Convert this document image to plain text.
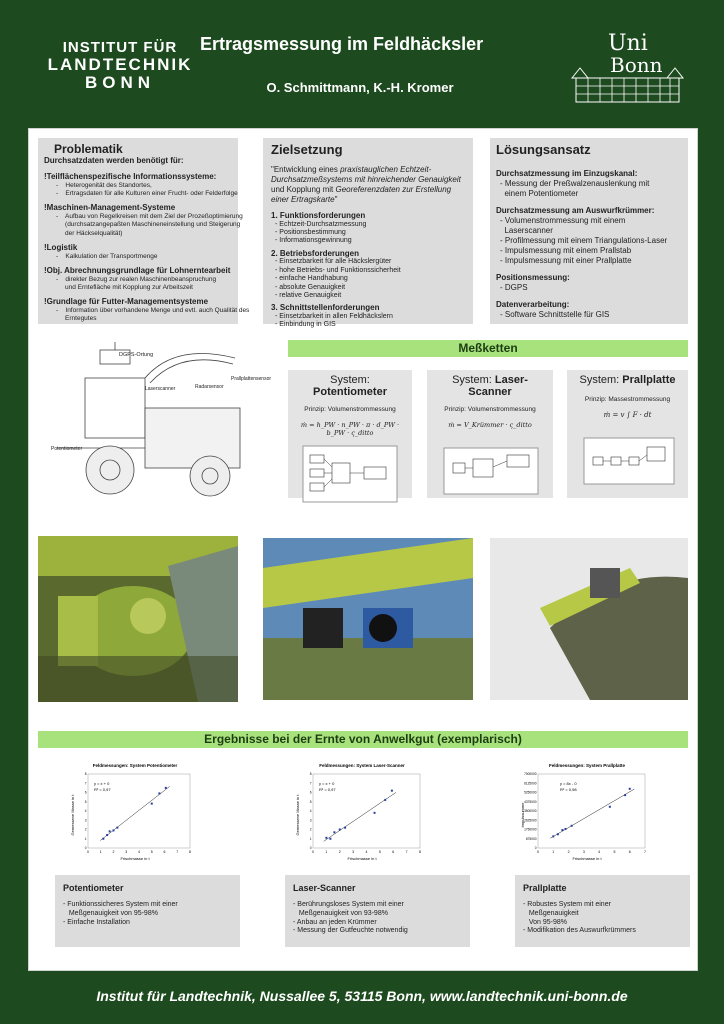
INSTITUT FÜR
LANDTECHNIK
BONN
Ertragsmessung im Feldhäcksler
O. Schmittmann, K.-H. Kromer
Uni
Bonn
Problematik
Durchsatzdaten werden benötigt für:
!Teilflächenspezifische Informationssysteme:
-    Heterogenität des Standortes,
-    Ertragsdaten für alle Kulturen einer Frucht- oder Felderfolge
!Maschinen-Management-Systeme
-    Aufbau von Regelkreisen mit dem Ziel der Prozeßoptimierung
(durchsatzangepaßten Maschineneinstellung und Steigerung
der Häckselqualität)
!Logistik
-    Kalkulation der Transportmenge
!Obj. Abrechnungsgrundlage für Lohnerntearbeit
-    direkter Bezug zur realen Maschinenbeanspruchung
und Erntefläche mit Kopplung zur Arbeitszeit
!Grundlage für Futter-Managementsysteme
-    Information über vorhandene Menge und evtl. auch Qualität des
Erntegutes
Zielsetzung
"Entwicklung eines praxistauglichen Echtzeit-Durchsatzmeßsystems mit hinreichender Genauigkeit und Kopplung mit Georeferenzdaten zur Erstellung einer Ertragskarte"
1. Funktionsforderungen
- Echtzeit-Durchsatzmessung
- Positionsbestimmung
- Informationsgewinnung
2. Betriebsforderungen
- Einsetzbarkeit für alle Häckslergüter
- hohe Betriebs- und Funktionssicherheit
- einfache Handhabung
- absolute Genauigkeit
- relative Genauigkeit
3. Schnittstellenforderungen
- Einsetzbarkeit in allen Feldhäckslern
- Einbindung in GIS
Lösungsansatz
Durchsatzmessung im Einzugskanal:
- Messung der Preßwalzenauslenkung mit
einem Potentiometer
Durchsatzmessung am Auswurfkrümmer:
- Volumenstrommessung mit einem
Laserscanner
- Profilmessung mit einem Triangulations-Laser
- Impulsmessung mit einem Prallstab
- Impulsmessung mit einer Prallplatte
Positionsmessung:
- DGPS
Datenverarbeitung:
- Software Schnittstelle für GIS
DGPS-Ortung
Laserscanner	Radarsensor
Prallplattensensor
Potentiometer
Meßketten
System: Potentiometer
Prinzip: Volumenstrommessung
ṁ = h_PW · n_PW · π · d_PW · b_PW · ς_ditto
System: Laser-Scanner
Prinzip: Volumenstrommessung
ṁ = V_Krümmer · ς_ditto
System: Prallplatte
Prinzip: Massestrommessung
ṁ = v ∫ F · dt
Ergebnisse bei der Ernte von Anwelkgut (exemplarisch)
Feldmessungen: System Potentiometer
Frischmasse in t
Gemessene Masse in t
y = x + 0
R² = 0,97
0	1	2	3	4	5	6	7	8
0
1
2
3
4
5
6
7
8
Feldmessungen: System Laser-Scanner
Frischmasse in t
Gemessene Masse in t
y = x + 0
R² = 0,97
0	1	2	3	4	5	6	7	8
0
1
2
3
4
5
6
7
8
Feldmessungen: System Prallplatte
Frischmasse in t
Impulssumme
y = 8x - 0
R² = 0,98
0	1	2	3	4	5	6	7
0
875000
1750000
2625000
3500000
4375000
5250000
6125000
7000000
Potentiometer
- Funktionssicheres System mit einer
Meßgenauigkeit von 95-98%
- Einfache Installation
Laser-Scanner
- Berührungsloses System mit einer
Meßgenauigkeit von 93-98%
- Anbau an jeden Krümmer
- Messung der Gutfeuchte notwendig
Prallplatte
- Robustes System mit einer
Meßgenauigkeit
Von 95-98%
- Modifikation des Auswurfkrümmers
Institut für Landtechnik, Nussallee 5, 53115 Bonn, www.landtechnik.uni-bonn.de
